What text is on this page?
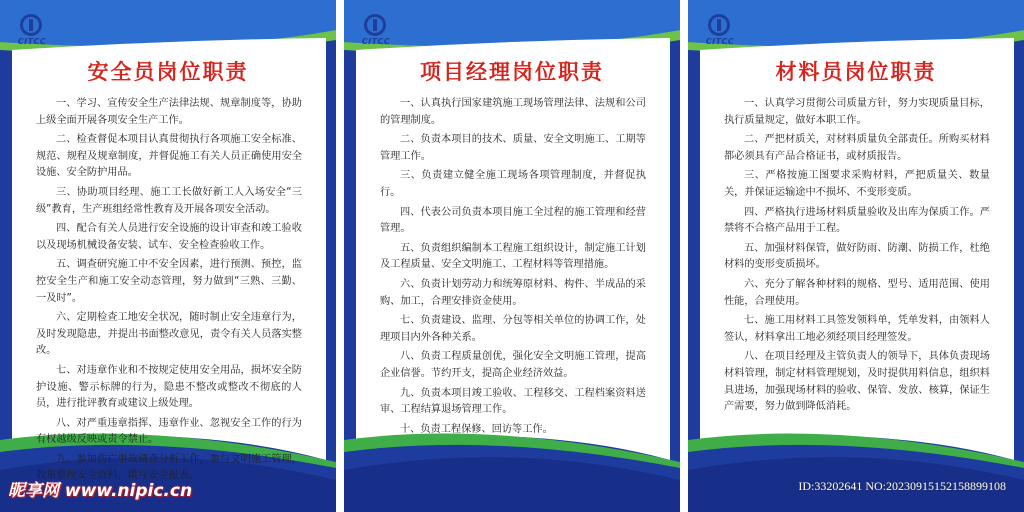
CITCC
安全员岗位职责
一、学习、宣传安全生产法律法规、规章制度等，协助上级全面开展各项安全生产工作。
二、检查督促本项目认真贯彻执行各项施工安全标准、规范、规程及规章制度，并督促施工有关人员正确使用安全设施、安全防护用品。
三、协助项目经理、施工工长做好新工人入场安全“三级”教育，生产班组经常性教育及开展各项安全活动。
四、配合有关人员进行安全设施的设计审查和竣工验收以及现场机械设备安装、试车、安全检查验收工作。
五、调查研究施工中不安全因素，进行预测、预控，监控安全生产和施工安全动态管理，努力做到“三熟、三勤、一及时”。
六、定期检查工地安全状况，随时制止安全违章行为，及时发现隐患，并提出书面整改意见，责令有关人员落实整改。
七、对违章作业和不按规定使用安全用品，损坏安全防护设施、警示标牌的行为，隐患不整改或整改不彻底的人员，进行批评教育或建议上级处理。
八、对严重违章指挥、违章作业、忽视安全工作的行为有权越级反映或责令禁止。
九、参加伤亡事故调查分析工作，参与文明施工管理，收集整理安全资料，填写安全报表。
CITCC
项目经理岗位职责
一、认真执行国家建筑施工现场管理法律、法规和公司的管理制度。
二、负责本项目的技术、质量、安全文明施工、工期等管理工作。
三、负责建立健全施工现场各项管理制度，并督促执行。
四、代表公司负责本项目施工全过程的施工管理和经营管理。
五、负责组织编制本工程施工组织设计，制定施工计划及工程质量、安全文明施工、工程材料等管理措施。
六、负责计划劳动力和统筹原材料、构件、半成品的采购、加工，合理安排资金使用。
七、负责建设、监理、分包等相关单位的协调工作，处理项目内外各种关系。
八、负责工程质量创优，强化安全文明施工管理，提高企业信誉。节约开支，提高企业经济效益。
九、负责本项目竣工验收、工程移交、工程档案资料送审、工程结算退场管理工作。
十、负责工程保修、回访等工作。
CITCC
材料员岗位职责
一、认真学习贯彻公司质量方针，努力实现质量目标，执行质量规定，做好本职工作。
二、严把材质关，对材料质量负全部责任。所购买材料都必须具有产品合格证书，或材质报告。
三、严格按施工图要求采购材料，严把质量关、数量关，并保证运输途中不损坏、不变形变质。
四、严格执行进场材料质量验收及出库为保质工作。严禁将不合格产品用于工程。
五、加强材料保管，做好防雨、防潮、防损工作，杜绝材料的变形变质损坏。
六、充分了解各种材料的规格、型号、适用范围、使用性能，合理使用。
七、施工用材料工具签发领料单，凭单发料，由领料人签认，材料拿出工地必须经项目经理签发。
八、在项目经理及主管负责人的领导下，具体负责现场材料管理，制定材料管理规划，及时提供用料信息，组织料具进场，加强现场材料的验收、保管、发放、核算，保证生产需要，努力做到降低消耗。
昵享网 www.nipic.cn	ID:33202641 NO:20230915152158899108
